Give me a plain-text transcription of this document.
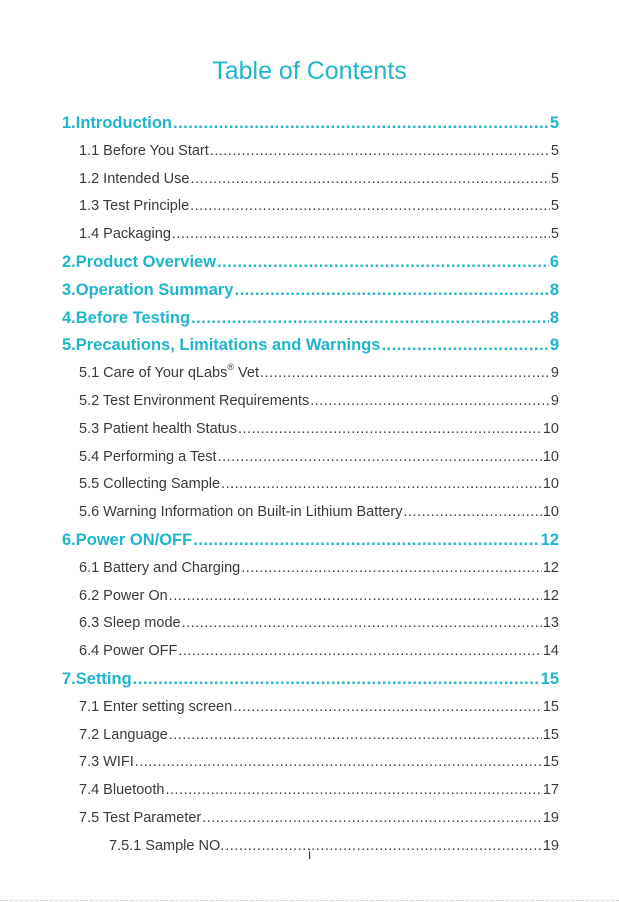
Table of Contents
1.Introduction .....	5
1.1 Before You Start .....	5
1.2 Intended Use .....	5
1.3 Test Principle .....	5
1.4 Packaging .....	5
2.Product Overview .....	6
3.Operation Summary .....	8
4.Before Testing .....	8
5.Precautions, Limitations and Warnings .....	9
5.1 Care of Your qLabs® Vet .....	9
5.2 Test Environment Requirements .....	9
5.3 Patient health Status .....	10
5.4 Performing a Test .....	10
5.5 Collecting Sample .....	10
5.6 Warning Information on Built-in Lithium Battery .....	10
6.Power ON/OFF .....	12
6.1 Battery and Charging .....	12
6.2 Power On .....	12
6.3 Sleep mode .....	13
6.4 Power OFF .....	14
7.Setting .....	15
7.1 Enter setting screen .....	15
7.2 Language .....	15
7.3 WIFI .....	15
7.4 Bluetooth .....	17
7.5 Test Parameter .....	19
7.5.1 Sample NO. .....	19
i
